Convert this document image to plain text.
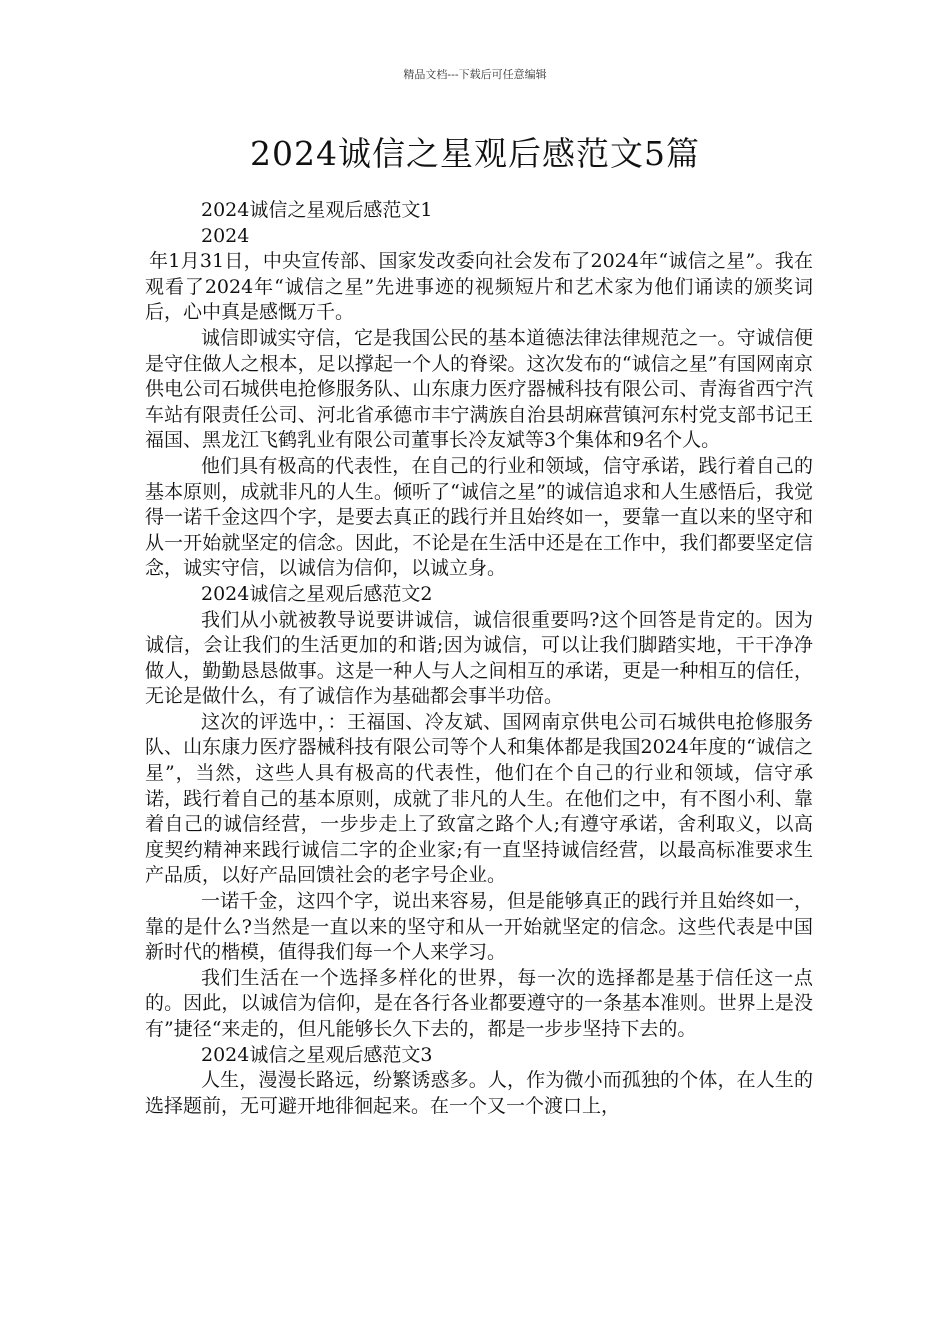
精品文档---下载后可任意编辑
2024诚信之星观后感范文5篇

2024诚信之星观后感范文1

2024

年1月31日，中央宣传部、国家发改委向社会发布了2024年“诚信之星”。我在观看了2024年“诚信之星”先进事迹的视频短片和艺术家为他们诵读的颁奖词后，心中真是感慨万千。

诚信即诚实守信，它是我国公民的基本道德法律法律规范之一。守诚信便是守住做人之根本，足以撑起一个人的脊梁。这次发布的“诚信之星”有国网南京供电公司石城供电抢修服务队、山东康力医疗器械科技有限公司、青海省西宁汽车站有限责任公司、河北省承德市丰宁满族自治县胡麻营镇河东村党支部书记王福国、黑龙江飞鹤乳业有限公司董事长冷友斌等3个集体和9名个人。

他们具有极高的代表性，在自己的行业和领域，信守承诺，践行着自己的基本原则，成就非凡的人生。倾听了“诚信之星”的诚信追求和人生感悟后，我觉得一诺千金这四个字，是要去真正的践行并且始终如一，要靠一直以来的坚守和从一开始就坚定的信念。因此，不论是在生活中还是在工作中，我们都要坚定信念，诚实守信，以诚信为信仰，以诚立身。

2024诚信之星观后感范文2

我们从小就被教导说要讲诚信，诚信很重要吗?这个回答是肯定的。因为诚信，会让我们的生活更加的和谐;因为诚信，可以让我们脚踏实地，干干净净做人，勤勤恳恳做事。这是一种人与人之间相互的承诺，更是一种相互的信任，无论是做什么，有了诚信作为基础都会事半功倍。

这次的评选中，：王福国、冷友斌、国网南京供电公司石城供电抢修服务队、山东康力医疗器械科技有限公司等个人和集体都是我国2024年度的“诚信之星”，当然，这些人具有极高的代表性，他们在个自己的行业和领域，信守承诺，践行着自己的基本原则，成就了非凡的人生。在他们之中，有不图小利、靠着自己的诚信经营，一步步走上了致富之路个人;有遵守承诺，舍利取义，以高度契约精神来践行诚信二字的企业家;有一直坚持诚信经营，以最高标准要求生产品质，以好产品回馈社会的老字号企业。

一诺千金，这四个字，说出来容易，但是能够真正的践行并且始终如一，靠的是什么?当然是一直以来的坚守和从一开始就坚定的信念。这些代表是中国新时代的楷模，值得我们每一个人来学习。

我们生活在一个选择多样化的世界，每一次的选择都是基于信任这一点的。因此，以诚信为信仰，是在各行各业都要遵守的一条基本准则。世界上是没有”捷径“来走的，但凡能够长久下去的，都是一步步坚持下去的。

2024诚信之星观后感范文3

人生，漫漫长路远，纷繁诱惑多。人，作为微小而孤独的个体，在人生的选择题前，无可避开地徘徊起来。在一个又一个渡口上，
